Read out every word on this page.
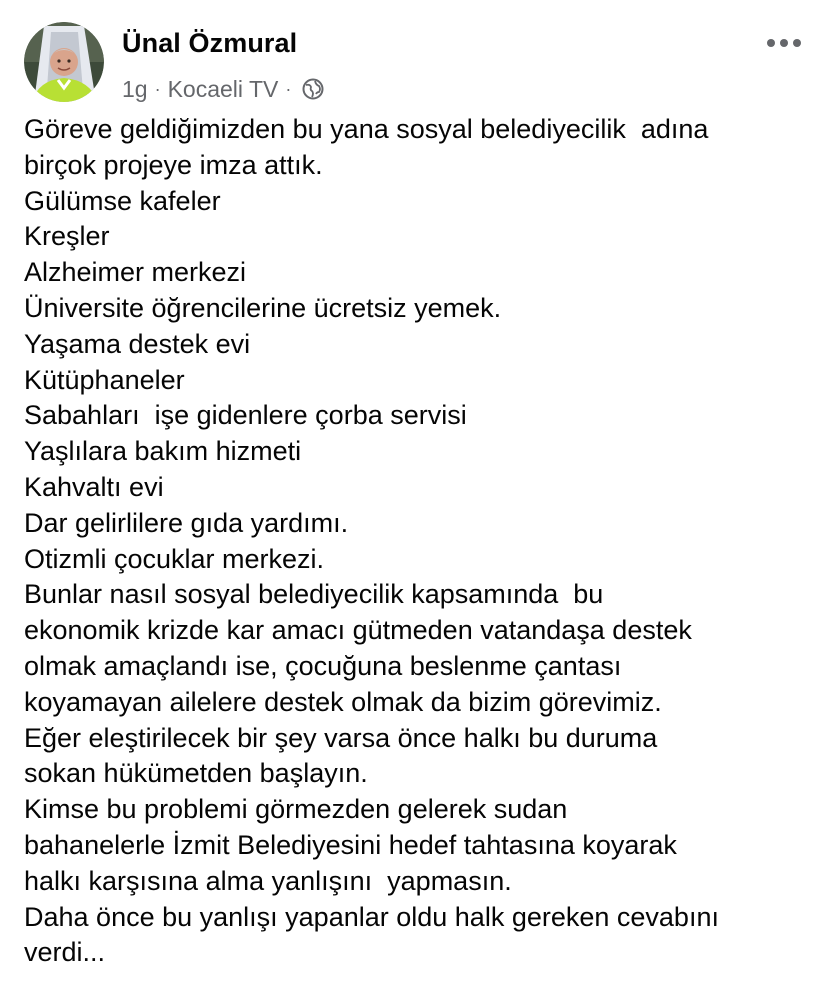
Ünal Özmural
1g · Kocaeli TV ·
Göreve geldiğimizden bu yana sosyal belediyecilik  adına
birçok projeye imza attık.
Gülümse kafeler
Kreşler
Alzheimer merkezi
Üniversite öğrencilerine ücretsiz yemek.
Yaşama destek evi
Kütüphaneler
Sabahları  işe gidenlere çorba servisi
Yaşlılara bakım hizmeti
Kahvaltı evi
Dar gelirlilere gıda yardımı.
Otizmli çocuklar merkezi.
Bunlar nasıl sosyal belediyecilik kapsamında  bu
ekonomik krizde kar amacı gütmeden vatandaşa destek
olmak amaçlandı ise, çocuğuna beslenme çantası
koyamayan ailelere destek olmak da bizim görevimiz.
Eğer eleştirilecek bir şey varsa önce halkı bu duruma
sokan hükümetden başlayın.
Kimse bu problemi görmezden gelerek sudan
bahanelerle İzmit Belediyesini hedef tahtasına koyarak
halkı karşısına alma yanlışını  yapmasın.
Daha önce bu yanlışı yapanlar oldu halk gereken cevabını
verdi...
